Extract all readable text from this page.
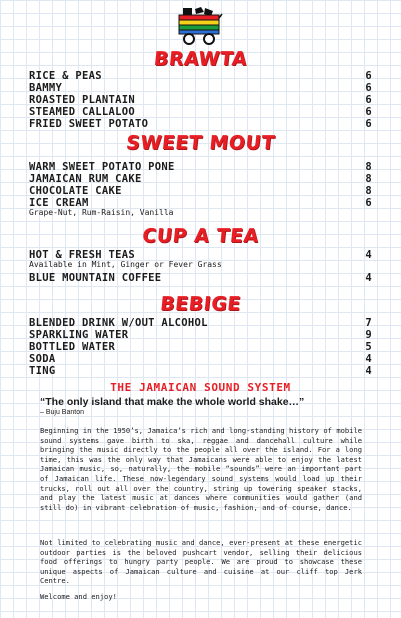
BRAWTA
RICE & PEAS	6
BAMMY	6
ROASTED PLANTAIN	6
STEAMED CALLALOO	6
FRIED SWEET POTATO	6
SWEET MOUT
WARM SWEET POTATO PONE	8
JAMAICAN RUM CAKE	8
CHOCOLATE CAKE	8
ICE CREAM	6
Grape-Nut, Rum-Raisin, Vanilla
CUP A TEA
HOT & FRESH TEAS	4
Available in Mint, Ginger or Fever Grass
BLUE MOUNTAIN COFFEE	4
BEBIGE
BLENDED DRINK W/OUT ALCOHOL	7
SPARKLING WATER	9
BOTTLED WATER	5
SODA	4
TING	4
THE JAMAICAN SOUND SYSTEM
“The only island that make the whole world shake…”
– Buju Banton
Beginning in the 1950’s, Jamaica’s rich and long-standing history of mobile sound systems gave birth to ska, reggae and dancehall culture while bringing the music directly to the people all over the island. For a long time, this was the only way that Jamaicans were able to enjoy the latest Jamaican music, so, naturally, the mobile “sounds” were an important part of Jamaican life. These now-legendary sound systems would load up their trucks, roll out all over the country, string up towering speaker stacks, and play the latest music at dances where communities would gather (and still do) in vibrant celebration of music, fashion, and of course, dance.
Not limited to celebrating music and dance, ever-present at these energetic outdoor parties is the beloved pushcart vendor, selling their delicious food offerings to hungry party people. We are proud to showcase these unique aspects of Jamaican culture and cuisine at our cliff top Jerk Centre.
Welcome and enjoy!
